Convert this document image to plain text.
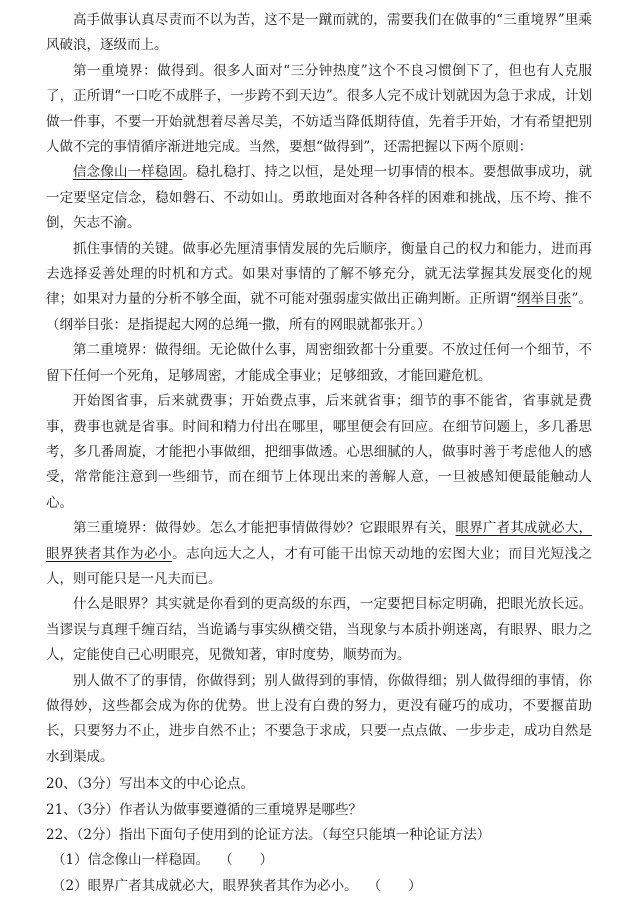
高手做事认真尽责而不以为苦，这不是一蹴而就的，需要我们在做事的“三重境界”里乘风破浪，逐级而上。

第一重境界：做得到。很多人面对“三分钟热度”这个不良习惯倒下了，但也有人克服了，正所谓“一口吃不成胖子，一步跨不到天边”。很多人完不成计划就因为急于求成，计划做一件事，不要一开始就想着尽善尽美，不妨适当降低期待值，先着手开始，才有希望把别人做不完的事情循序渐进地完成。当然，要想“做得到”，还需把握以下两个原则：

信念像山一样稳固。稳扎稳打、持之以恒，是处理一切事情的根本。要想做事成功，就一定要坚定信念，稳如磐石、不动如山。勇敢地面对各种各样的困难和挑战，压不垮、推不倒，矢志不渝。

抓住事情的关键。做事必先厘清事情发展的先后顺序，衡量自己的权力和能力，进而再去选择妥善处理的时机和方式。如果对事情的了解不够充分，就无法掌握其发展变化的规律；如果对力量的分析不够全面，就不可能对强弱虚实做出正确判断。正所谓“纲举目张”。（纲举目张：是指提起大网的总绳一撒，所有的网眼就都张开。）

第二重境界：做得细。无论做什么事，周密细致都十分重要。不放过任何一个细节，不留下任何一个死角，足够周密，才能成全事业；足够细致，才能回避危机。

开始图省事，后来就费事；开始费点事，后来就省事；细节的事不能省，省事就是费事，费事也就是省事。时间和精力付出在哪里，哪里便会有回应。在细节问题上，多几番思考，多几番周旋，才能把小事做细，把细事做透。心思细腻的人，做事时善于考虑他人的感受，常常能注意到一些细节，而在细节上体现出来的善解人意，一旦被感知便最能触动人心。

第三重境界：做得妙。怎么才能把事情做得妙？它跟眼界有关，眼界广者其成就必大，眼界狭者其作为必小。志向远大之人，才有可能干出惊天动地的宏图大业；而目光短浅之人，则可能只是一凡夫而已。

什么是眼界？其实就是你看到的更高级的东西，一定要把目标定明确，把眼光放长远。当谬误与真理千缠百结，当诡谲与事实纵横交错，当现象与本质扑朔迷离，有眼界、眼力之人，定能使自己心明眼亮，见微知著，审时度势，顺势而为。

别人做不了的事情，你做得到；别人做得到的事情，你做得细；别人做得细的事情，你做得妙，这些都会成为你的优势。世上没有白费的努力，更没有碰巧的成功，不要揠苗助长，只要努力不止，进步自然不止；不要急于求成，只要一点点做、一步步走，成功自然是水到渠成。

20、（3分）写出本文的中心论点。

21、（3分）作者认为做事要遵循的三重境界是哪些？

22、（2分）指出下面句子使用到的论证方法。（每空只能填一种论证方法）

（1）信念像山一样稳固。 （　　）

（2）眼界广者其成就必大，眼界狭者其作为必小。 （　　）
